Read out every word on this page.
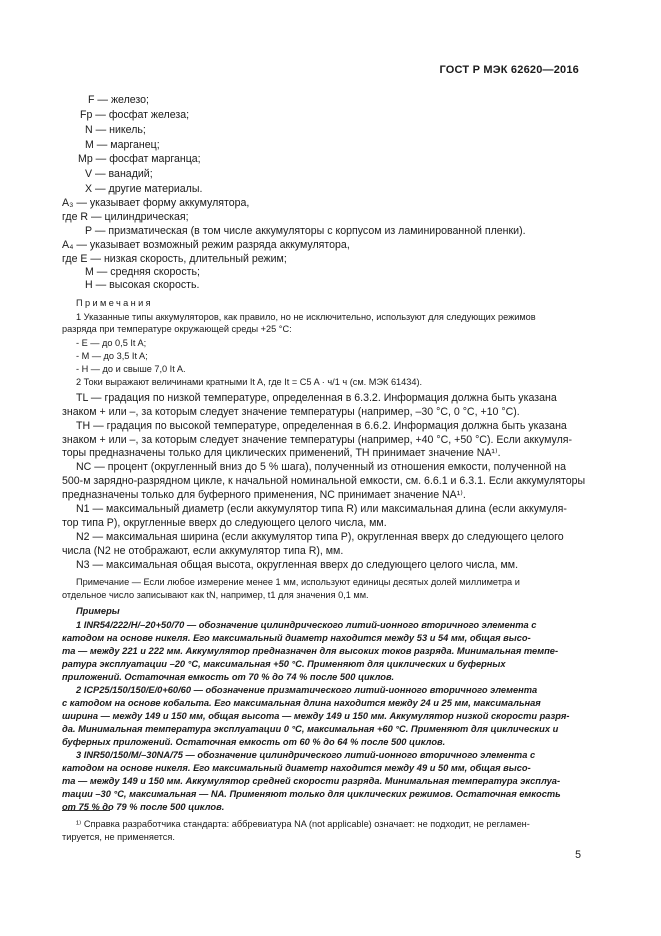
ГОСТ Р МЭК 62620—2016
F — железо;
Fp — фосфат железа;
N — никель;
M — марганец;
Mp — фосфат марганца;
V — ванадий;
X — другие материалы.
A₃ — указывает форму аккумулятора,
где R — цилиндрическая;
P — призматическая (в том числе аккумуляторы с корпусом из ламинированной пленки).
A₄ — указывает возможный режим разряда аккумулятора,
где E — низкая скорость, длительный режим;
M — средняя скорость;
H — высокая скорость.
Примечания
1 Указанные типы аккумуляторов, как правило, но не исключительно, используют для следующих режимов
разряда при температуре окружающей среды +25 °C:
- E — до 0,5 It A;
- M — до 3,5 It A;
- H — до и свыше 7,0 It A.
2 Токи выражают величинами кратными It A, где It = C5 A · ч/1 ч (см. МЭК 61434).
TL — градация по низкой температуре, определенная в 6.3.2. Информация должна быть указана
знаком + или –, за которым следует значение температуры (например, –30 °C, 0 °C, +10 °C).
TH — градация по высокой температуре, определенная в 6.6.2. Информация должна быть указана
знаком + или –, за которым следует значение температуры (например, +40 °C, +50 °C). Если аккумуля-
торы предназначены только для циклических применений, TH принимает значение NA¹⁾.
NC — процент (округленный вниз до 5 % шага), полученный из отношения емкости, полученной на
500-м зарядно-разрядном цикле, к начальной номинальной емкости, см. 6.6.1 и 6.3.1. Если аккумуляторы
предназначены только для буферного применения, NC принимает значение NA¹⁾.
N1 — максимальный диаметр (если аккумулятор типа R) или максимальная длина (если аккумуля-
тор типа P), округленные вверх до следующего целого числа, мм.
N2 — максимальная ширина (если аккумулятор типа P), округленная вверх до следующего целого
числа (N2 не отображают, если аккумулятор типа R), мм.
N3 — максимальная общая высота, округленная вверх до следующего целого числа, мм.
Примечание — Если любое измерение менее 1 мм, используют единицы десятых долей миллиметра и
отдельное число записывают как tN, например, t1 для значения 0,1 мм.
Примеры
1 INR54/222/H/–20+50/70 — обозначение цилиндрического литий-ионного вторичного элемента с
катодом на основе никеля. Его максимальный диаметр находится между 53 и 54 мм, общая высо-
та — между 221 и 222 мм. Аккумулятор предназначен для высоких токов разряда. Минимальная темпе-
ратура эксплуатации –20 °C, максимальная +50 °C. Применяют для циклических и буферных
приложений. Остаточная емкость от 70 % до 74 % после 500 циклов.
2 ICP25/150/150/E/0+60/60 — обозначение призматического литий-ионного вторичного элемента
с катодом на основе кобальта. Его максимальная длина находится между 24 и 25 мм, максимальная
ширина — между 149 и 150 мм, общая высота — между 149 и 150 мм. Аккумулятор низкой скорости разря-
да. Минимальная температура эксплуатации 0 °C, максимальная +60 °C. Применяют для циклических и
буферных приложений. Остаточная емкость от 60 % до 64 % после 500 циклов.
3 INR50/150/M/–30NA/75 — обозначение цилиндрического литий-ионного вторичного элемента с
катодом на основе никеля. Его максимальный диаметр находится между 49 и 50 мм, общая высо-
та — между 149 и 150 мм. Аккумулятор средней скорости разряда. Минимальная температура эксплуа-
тации –30 °C, максимальная — NA. Применяют только для циклических режимов. Остаточная емкость
от 75 % до 79 % после 500 циклов.
¹⁾ Справка разработчика стандарта: аббревиатура NA (not applicable) означает: не подходит, не регламен-
тируется, не применяется.
5
